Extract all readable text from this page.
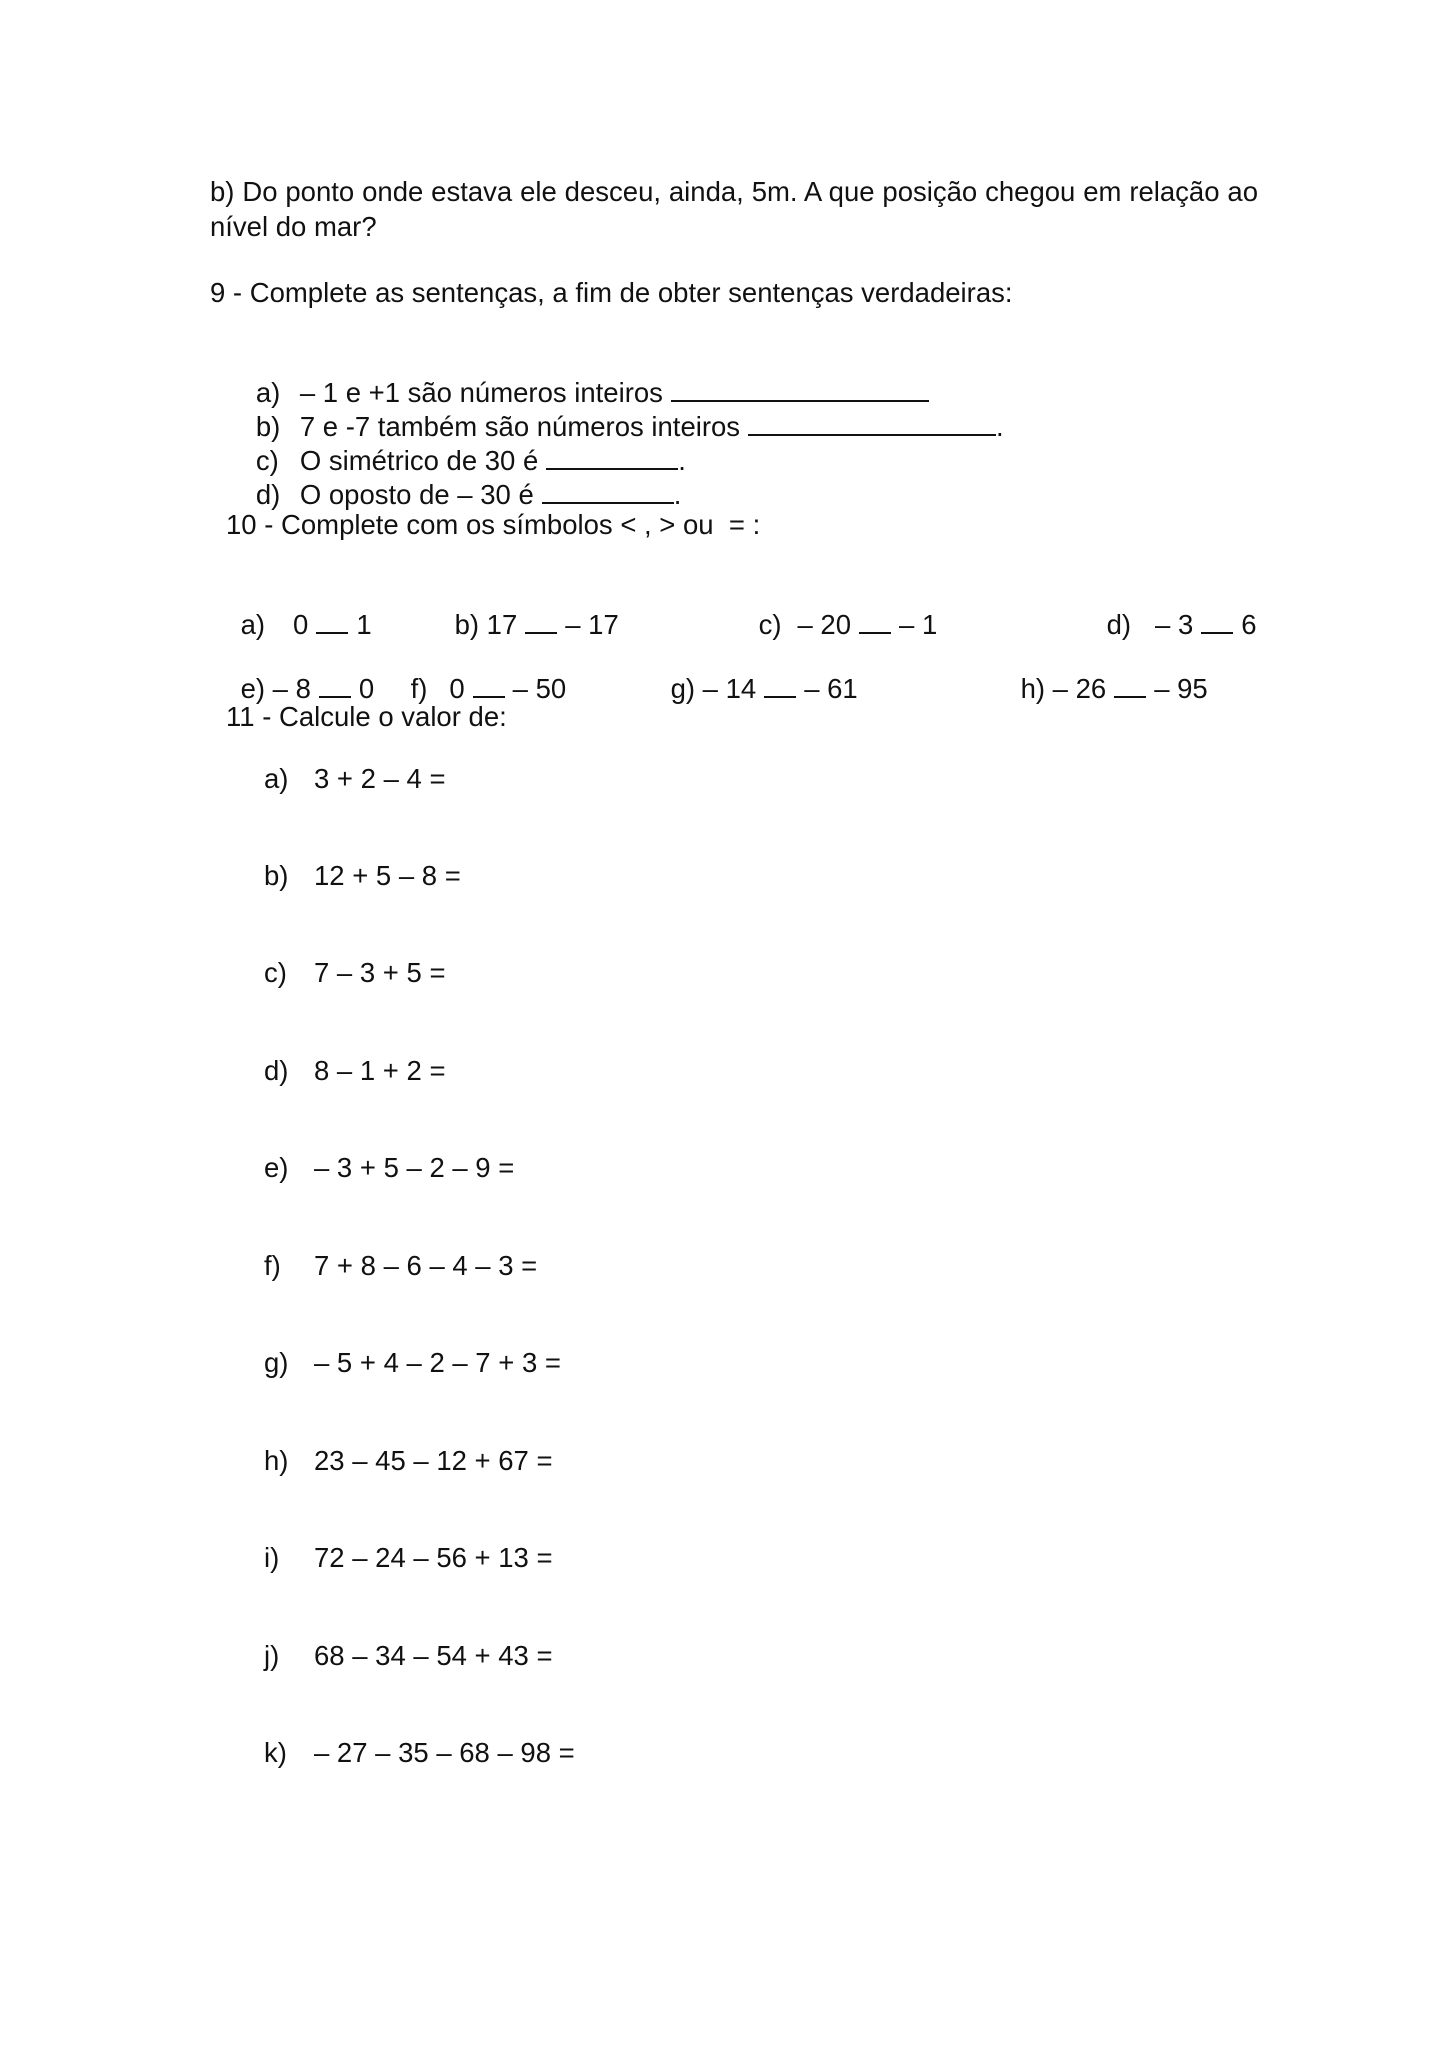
b) Do ponto onde estava ele desceu, ainda, 5m. A que posição chegou em relação ao nível do mar?
9 - Complete as sentenças, a fim de obter sentenças verdadeiras:

a) – 1 e +1 são números inteiros

b) 7 e -7 também são números inteiros	.

c) O simétrico de 30 é	.

d) O oposto de – 30 é	.

10 - Complete com os símbolos < , > ou  = :

a) 0 1
	b) 17 – 17
	c) – 20 – 1
	d) – 3 6

e) – 8 0
	f) 0 – 50
	g) – 14 – 61
	h) – 26 – 95

11 - Calcule o valor de:
a) 3 + 2 – 4 =
b) 12 + 5 – 8 =
c) 7 – 3 + 5 =
d) 8 – 1 + 2 =
e) – 3 + 5 – 2 – 9 =
f) 7 + 8 – 6 – 4 – 3 =
g) – 5 + 4 – 2 – 7 + 3 =
h) 23 – 45 – 12 + 67 =
i) 72 – 24 – 56 + 13 =
j) 68 – 34 – 54 + 43 =
k) – 27 – 35 – 68 – 98 =
